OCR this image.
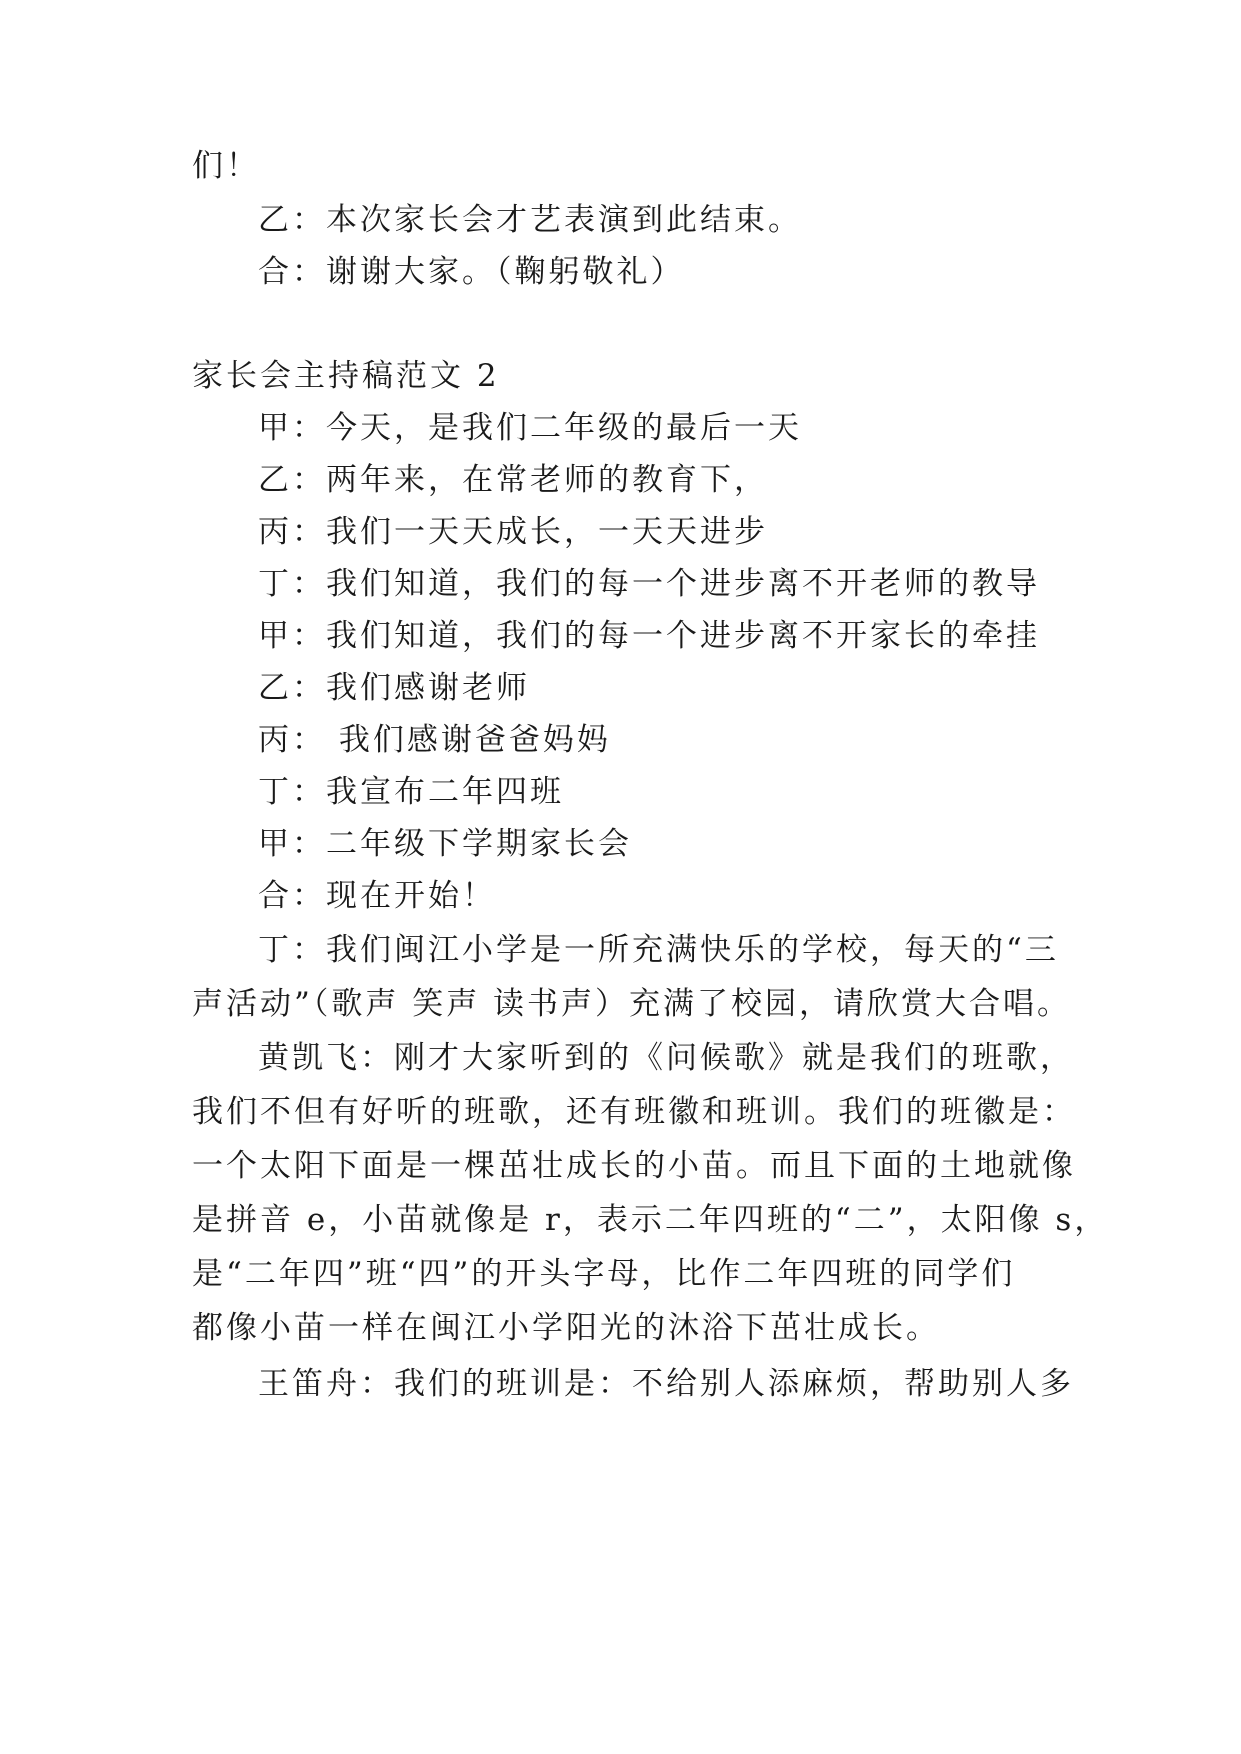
们！
乙：本次家长会才艺表演到此结束。
合：谢谢大家。（鞠躬敬礼）
家长会主持稿范文 2
甲：今天，是我们二年级的最后一天
乙：两年来，在常老师的教育下，
丙：我们一天天成长，一天天进步
丁：我们知道，我们的每一个进步离不开老师的教导
甲：我们知道，我们的每一个进步离不开家长的牵挂
乙：我们感谢老师
丙： 我们感谢爸爸妈妈
丁：我宣布二年四班
甲：二年级下学期家长会
合：现在开始！
丁：我们闽江小学是一所充满快乐的学校，每天的“三
声活动”（歌声 笑声 读书声）充满了校园，请欣赏大合唱。
黄凯飞：刚才大家听到的《问候歌》就是我们的班歌，
我们不但有好听的班歌，还有班徽和班训。我们的班徽是：
一个太阳下面是一棵茁壮成长的小苗。而且下面的土地就像
是拼音 e，小苗就像是 r，表示二年四班的“二”，太阳像 s，
是“二年四”班“四”的开头字母，比作二年四班的同学们
都像小苗一样在闽江小学阳光的沐浴下茁壮成长。
王笛舟：我们的班训是：不给别人添麻烦，帮助别人多
